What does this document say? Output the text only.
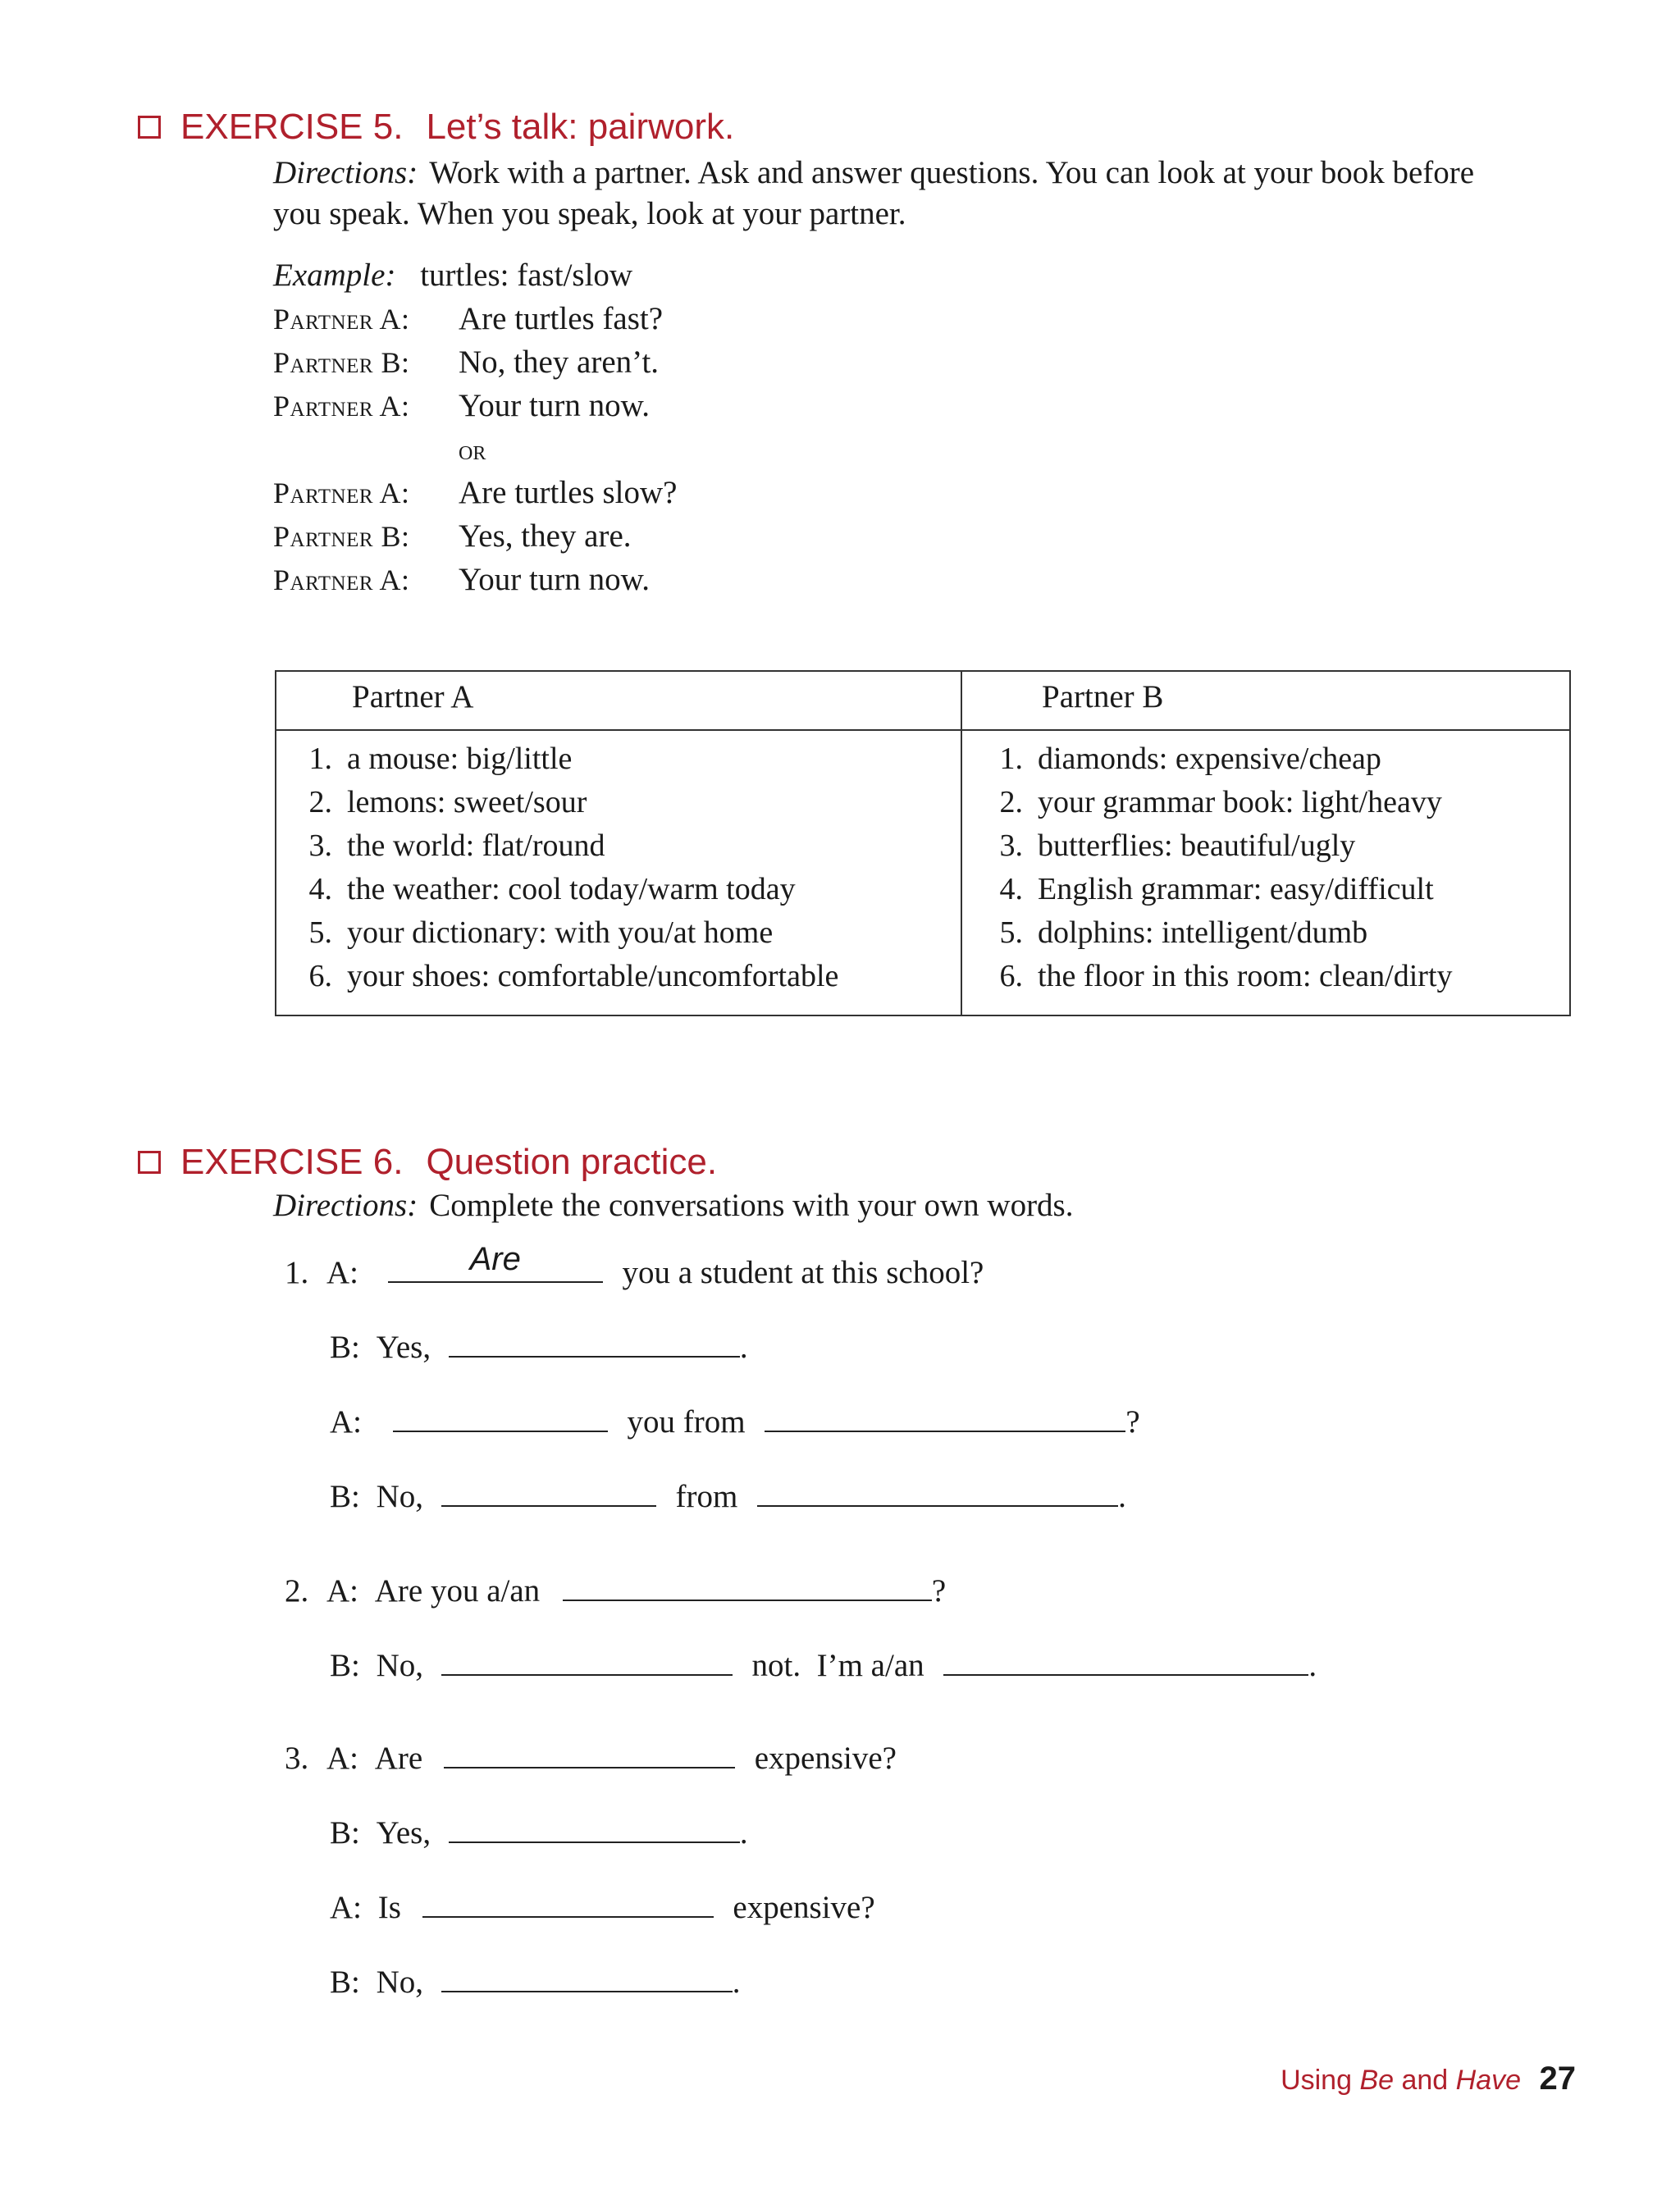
EXERCISE 5. Let’s talk: pairwork.
Directions: Work with a partner. Ask and answer questions. You can look at your book before you speak. When you speak, look at your partner.
Example: turtles: fast/slow
Partner A: Are turtles fast?
Partner B: No, they aren’t.
Partner A: Your turn now.
or
Partner A: Are turtles slow?
Partner B: Yes, they are.
Partner A: Your turn now.
Partner A	Partner B
1. a mouse: big/little
2. lemons: sweet/sour
3. the world: flat/round
4. the weather: cool today/warm today
5. your dictionary: with you/at home
6. your shoes: comfortable/uncomfortable
1. diamonds: expensive/cheap
2. your grammar book: light/heavy
3. butterflies: beautiful/ugly
4. English grammar: easy/difficult
5. dolphins: intelligent/dumb
6. the floor in this room: clean/dirty
EXERCISE 6. Question practice.
Directions: Complete the conversations with your own words.
1. A:	Are	you a student at this school?
B: Yes,	.
A:	you from	?
B: No,	from	.
2. A: Are you a/an	?
B: No,	not.  I’m a/an	.
3. A: Are	expensive?
B: Yes,	.
A: Is	expensive?
B: No,	.
Using Be and Have 27
